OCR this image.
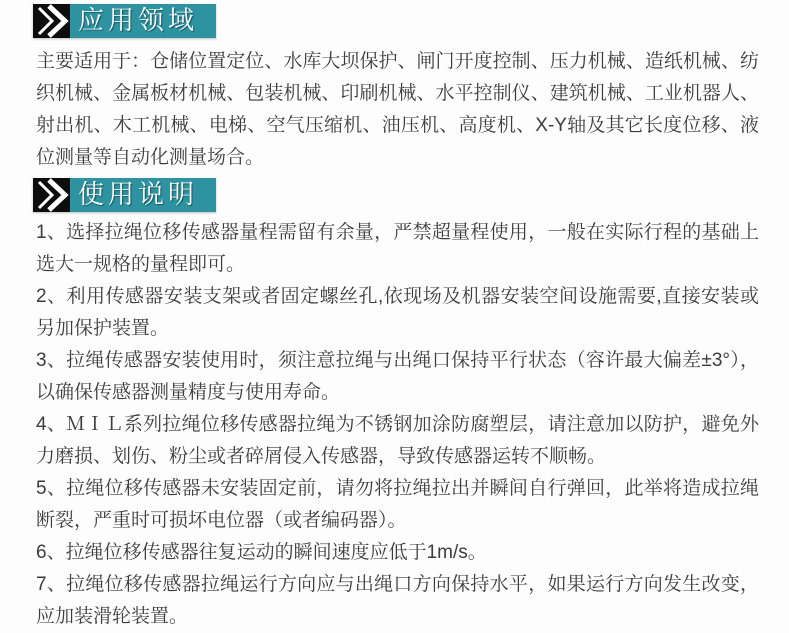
应用领域

主要适用于：仓储位置定位、水库大坝保护、闸门开度控制、压力机械、造纸机械、纺织机械、金属板材机械、包装机械、印刷机械、水平控制仪、建筑机械、工业机器人、射出机、木工机械、电梯、空气压缩机、油压机、高度机、X-Y轴及其它长度位移、液位测量等自动化测量场合。

使用说明

1、选择拉绳位移传感器量程需留有余量，严禁超量程使用，一般在实际行程的基础上选大一规格的量程即可。

2、利用传感器安装支架或者固定螺丝孔,依现场及机器安装空间设施需要,直接安装或另加保护装置。

3、拉绳传感器安装使用时，须注意拉绳与出绳口保持平行状态（容许最大偏差±3°），以确保传感器测量精度与使用寿命。

4、ＭＩＬ系列拉绳位移传感器拉绳为不锈钢加涂防腐塑层，请注意加以防护，避免外力磨损、划伤、粉尘或者碎屑侵入传感器，导致传感器运转不顺畅。

5、拉绳位移传感器未安装固定前，请勿将拉绳拉出并瞬间自行弹回，此举将造成拉绳断裂，严重时可损坏电位器（或者编码器）。

6、拉绳位移传感器往复运动的瞬间速度应低于1m/s。

7、拉绳位移传感器拉绳运行方向应与出绳口方向保持水平，如果运行方向发生改变，应加装滑轮装置。
